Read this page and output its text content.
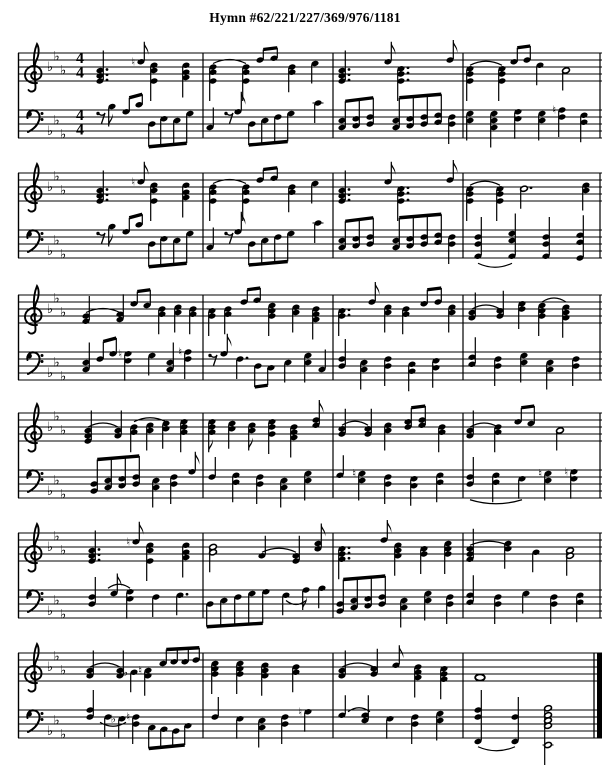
Hymn #62/221/227/369/976/1181
♭
♭
♭
♭
♭
♭
4
4
4
4
♮
♮
♭
♭
♭
♭
♭
♭
♮
♭
♭
♭
♭
♭
♭
♮	♮
♭
♭
♭
♭
♭
♭
♮	♮ ♮
♭
♭
♭
♭
♭
♭
♮
♭
♭
♭
♭
♭
♭
♭ ♮
♭ ♮	♮
